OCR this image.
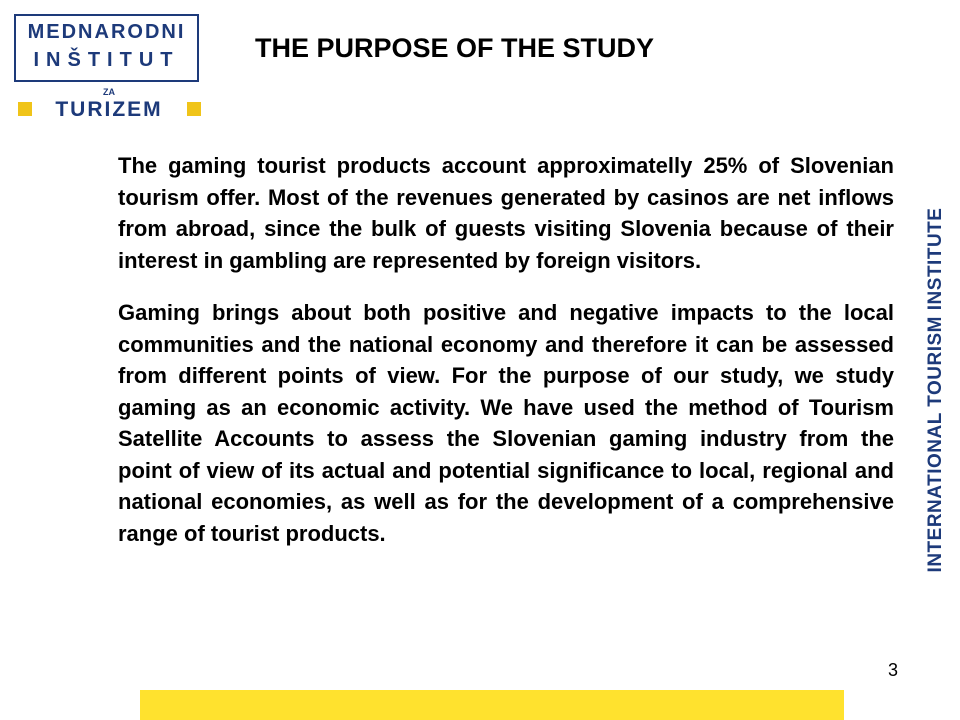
MEDNARODNI
INŠTITUT
ZA
TURIZEM
THE PURPOSE OF THE STUDY

The gaming tourist products account approximatelly 25% of Slovenian tourism offer. Most of the revenues generated by casinos are net inflows from abroad, since the bulk of guests visiting Slovenia because of their interest in gambling are represented by foreign visitors.

Gaming brings about both positive and negative impacts to the local communities and the national economy and therefore it can be assessed from different points of view. For the purpose of our study, we study gaming as an economic activity. We have used the method of Tourism Satellite Accounts to assess the Slovenian gaming industry from the point of view of its actual and potential significance to local, regional and national economies, as well as for the development of a comprehensive range of tourist products.	INTERNATIONAL TOURISM INSTITUTE
3
